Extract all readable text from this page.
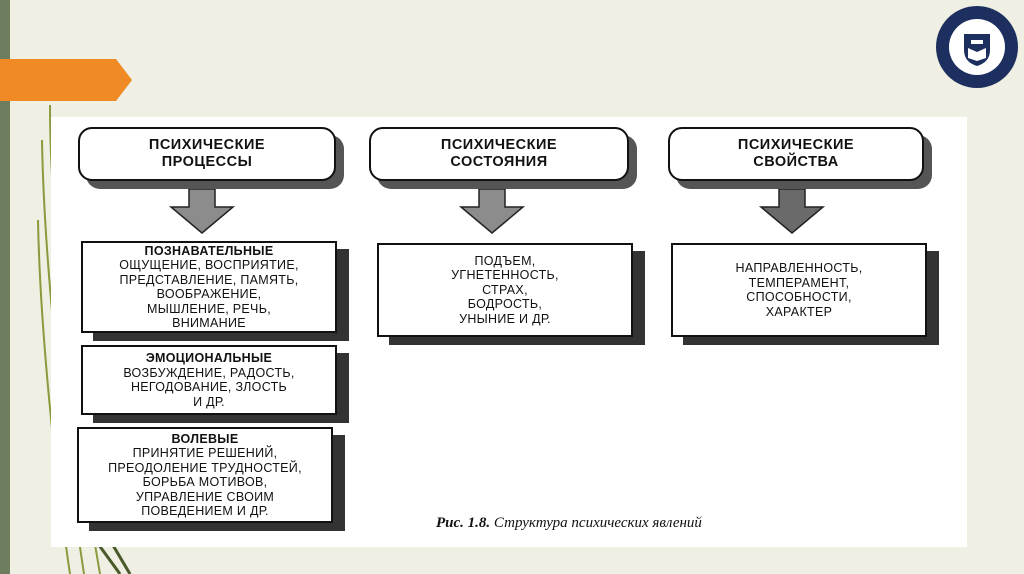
ПСИХИЧЕСКИЕ
ПРОЦЕССЫ
ПСИХИЧЕСКИЕ
СОСТОЯНИЯ
ПСИХИЧЕСКИЕ
СВОЙСТВА
ПОЗНАВАТЕЛЬНЫЕ
ОЩУЩЕНИЕ, ВОСПРИЯТИЕ,
ПРЕДСТАВЛЕНИЕ, ПАМЯТЬ,
ВООБРАЖЕНИЕ,
МЫШЛЕНИЕ, РЕЧЬ,
ВНИМАНИЕ
ЭМОЦИОНАЛЬНЫЕ
ВОЗБУЖДЕНИЕ, РАДОСТЬ,
НЕГОДОВАНИЕ, ЗЛОСТЬ
И ДР.
ВОЛЕВЫЕ
ПРИНЯТИЕ РЕШЕНИЙ,
ПРЕОДОЛЕНИЕ ТРУДНОСТЕЙ,
БОРЬБА МОТИВОВ,
УПРАВЛЕНИЕ СВОИМ
ПОВЕДЕНИЕМ И ДР.
ПОДЪЕМ,
УГНЕТЕННОСТЬ,
СТРАХ,
БОДРОСТЬ,
УНЫНИЕ И ДР.
НАПРАВЛЕННОСТЬ,
ТЕМПЕРАМЕНТ,
СПОСОБНОСТИ,
ХАРАКТЕР
Рис. 1.8. Структура психических явлений
